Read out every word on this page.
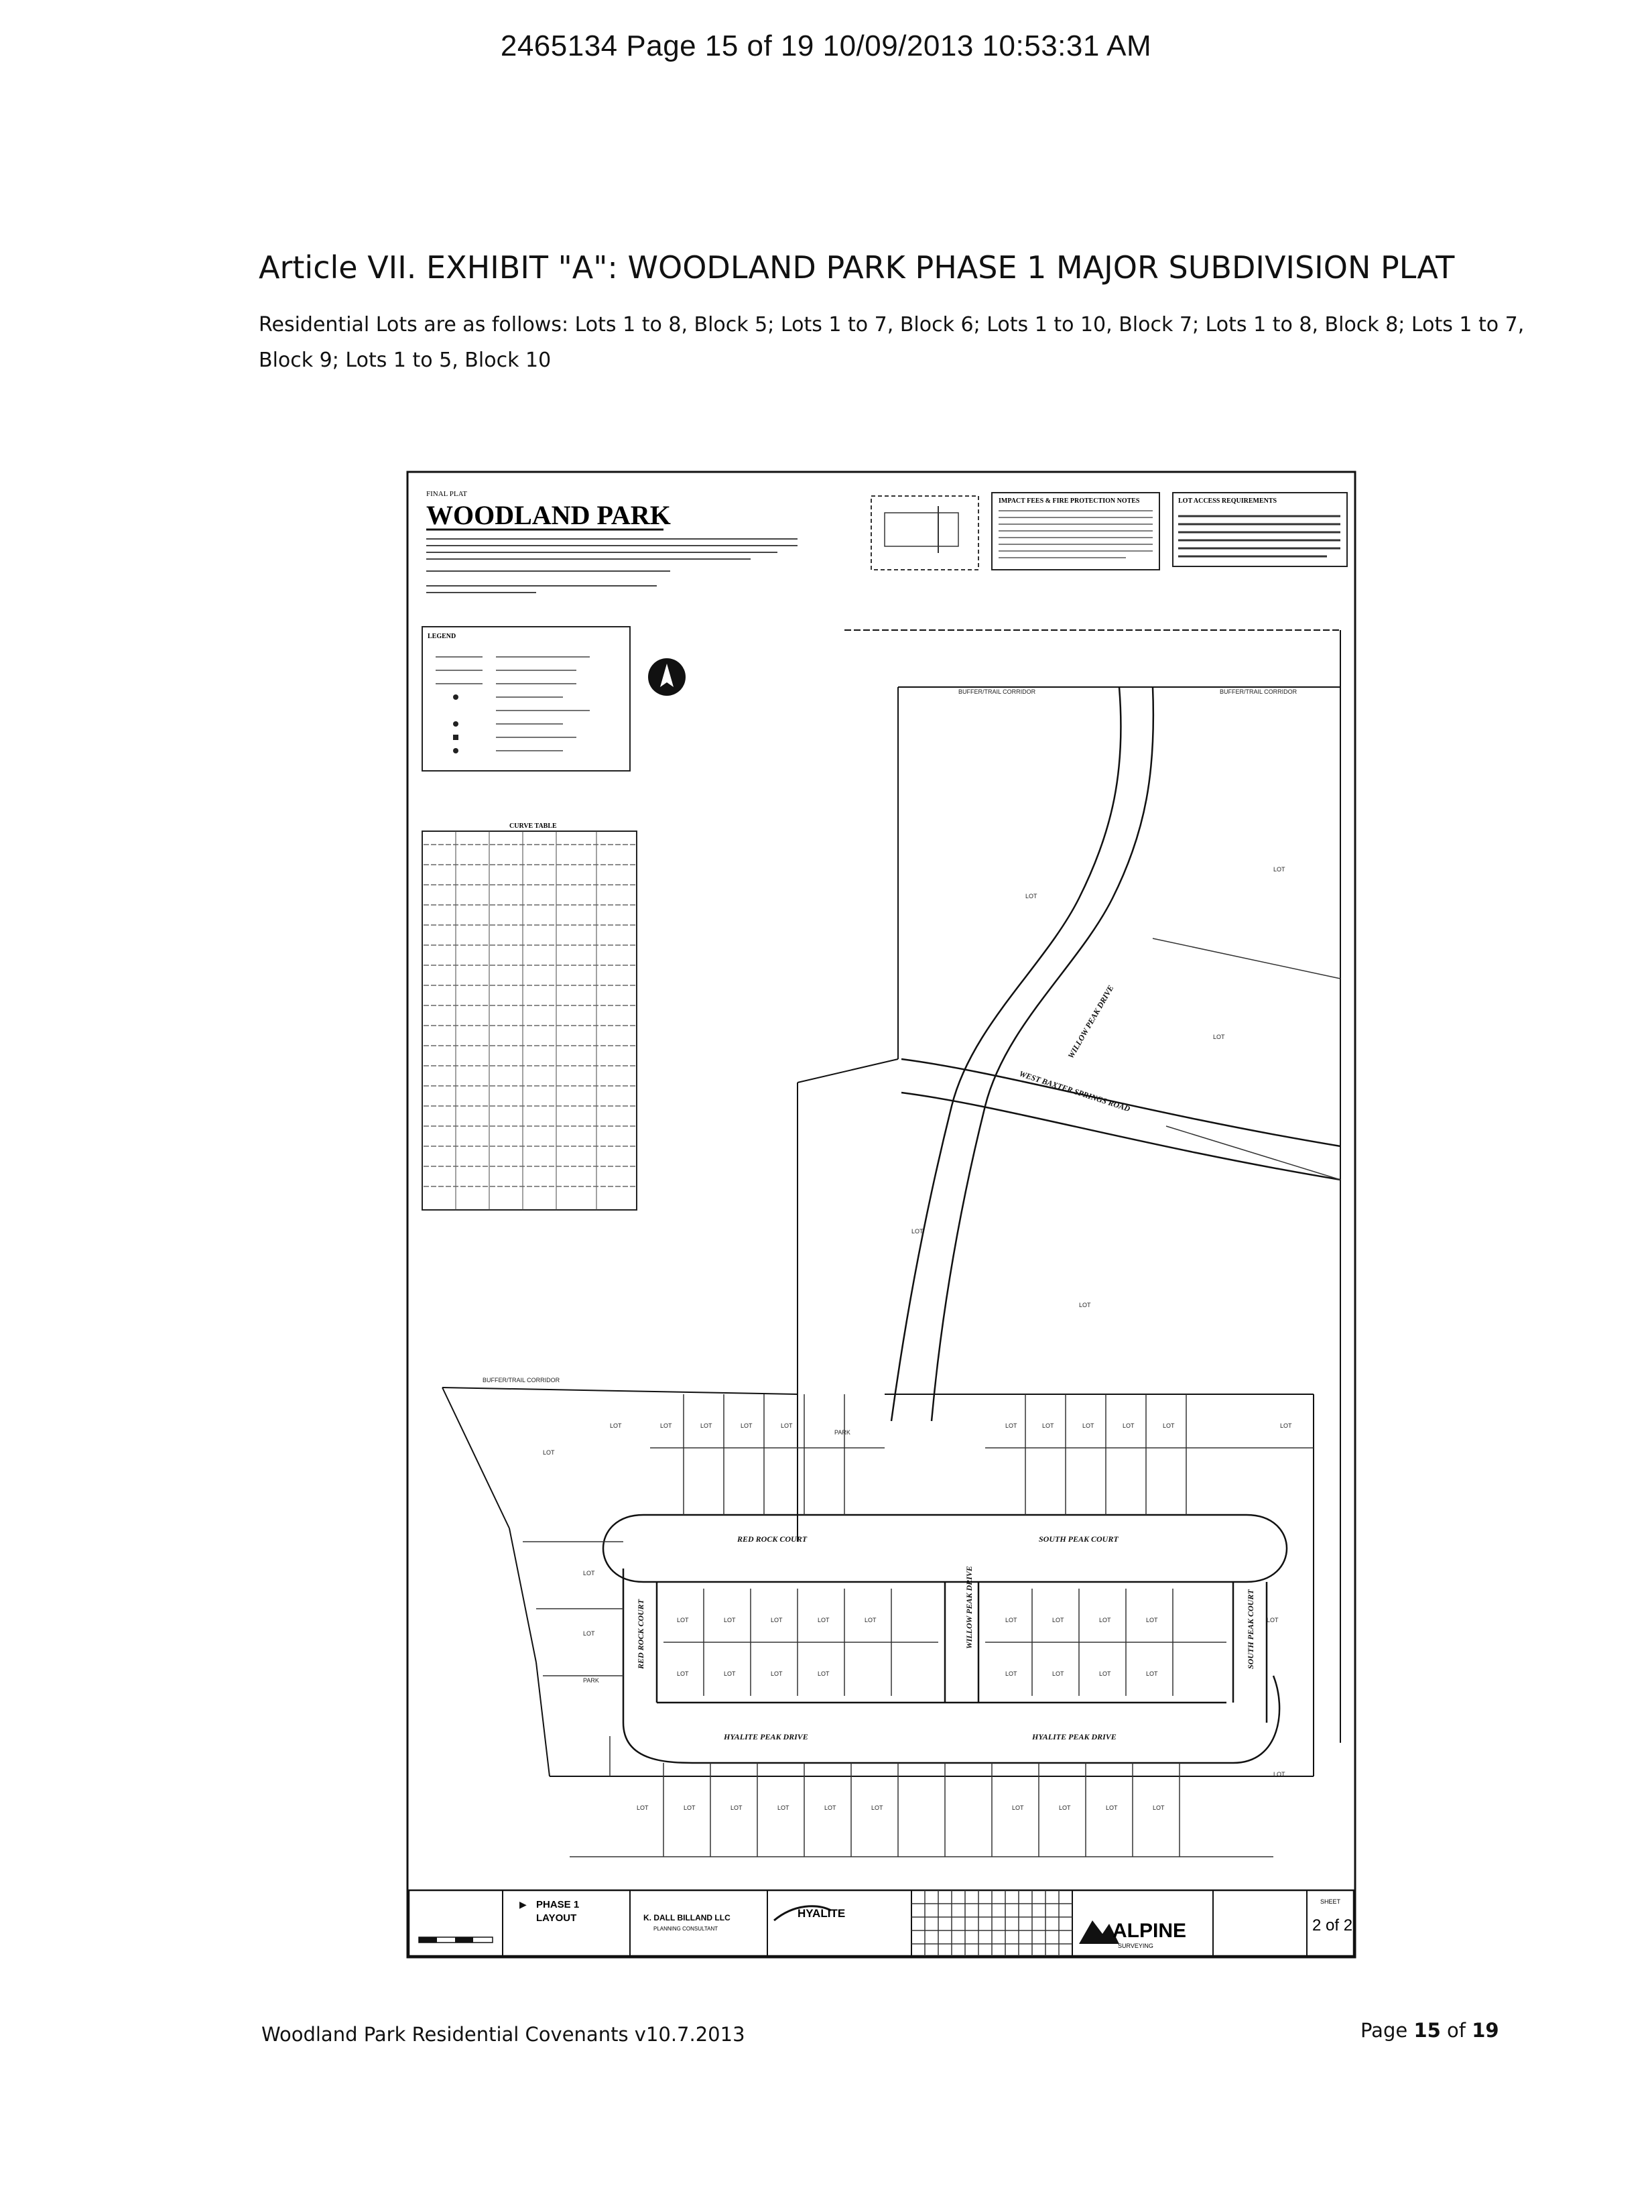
2465134 Page 15 of 19 10/09/2013 10:53:31 AM
Article VII. EXHIBIT "A": WOODLAND PARK PHASE 1 MAJOR SUBDIVISION PLAT
Residential Lots are as follows: Lots 1 to 8, Block 5; Lots 1 to 7, Block 6; Lots 1 to 10, Block 7; Lots 1 to 8, Block 8; Lots 1 to 7, Block 9; Lots 1 to 5, Block 10
FINAL PLAT
WOODLAND PARK	IMPACT FEES & FIRE PROTECTION NOTES	LOT ACCESS REQUIREMENTS
LEGEND
CURVE TABLE
RED ROCK COURT	SOUTH PEAK COURT
HYALITE PEAK DRIVE	HYALITE PEAK DRIVE
WEST BAXTER SPRINGS ROAD
WILLOW PEAK DRIVE
WILLOW PEAK DRIVE
RED ROCK COURT	SOUTH PEAK COURT
BUFFER/TRAIL CORRIDOR	BUFFER/TRAIL CORRIDOR
BUFFER/TRAIL CORRIDOR
LOT
LOT
LOT
LOT
LOT
LOT
LOT	LOT	LOT	LOT	LOT	LOT	LOT	LOT	LOT	LOT	LOT
LOT	LOT	LOT	LOT	LOT	LOT	LOT	LOT	LOT
LOT	LOT	LOT	LOT	LOT	LOT	LOT	LOT
LOT
LOT
LOT
LOT	LOT	LOT	LOT	LOT	LOT	LOT	LOT	LOT	LOT
LOT
PARK
PARK
▶ PHASE 1
LAYOUT	K. DALL BILLAND LLC
PLANNING CONSULTANT
HYALITE
ALPINE
SURVEYING
SHEET
2 of 2
Woodland Park Residential Covenants v10.7.2013	Page 15 of 19
